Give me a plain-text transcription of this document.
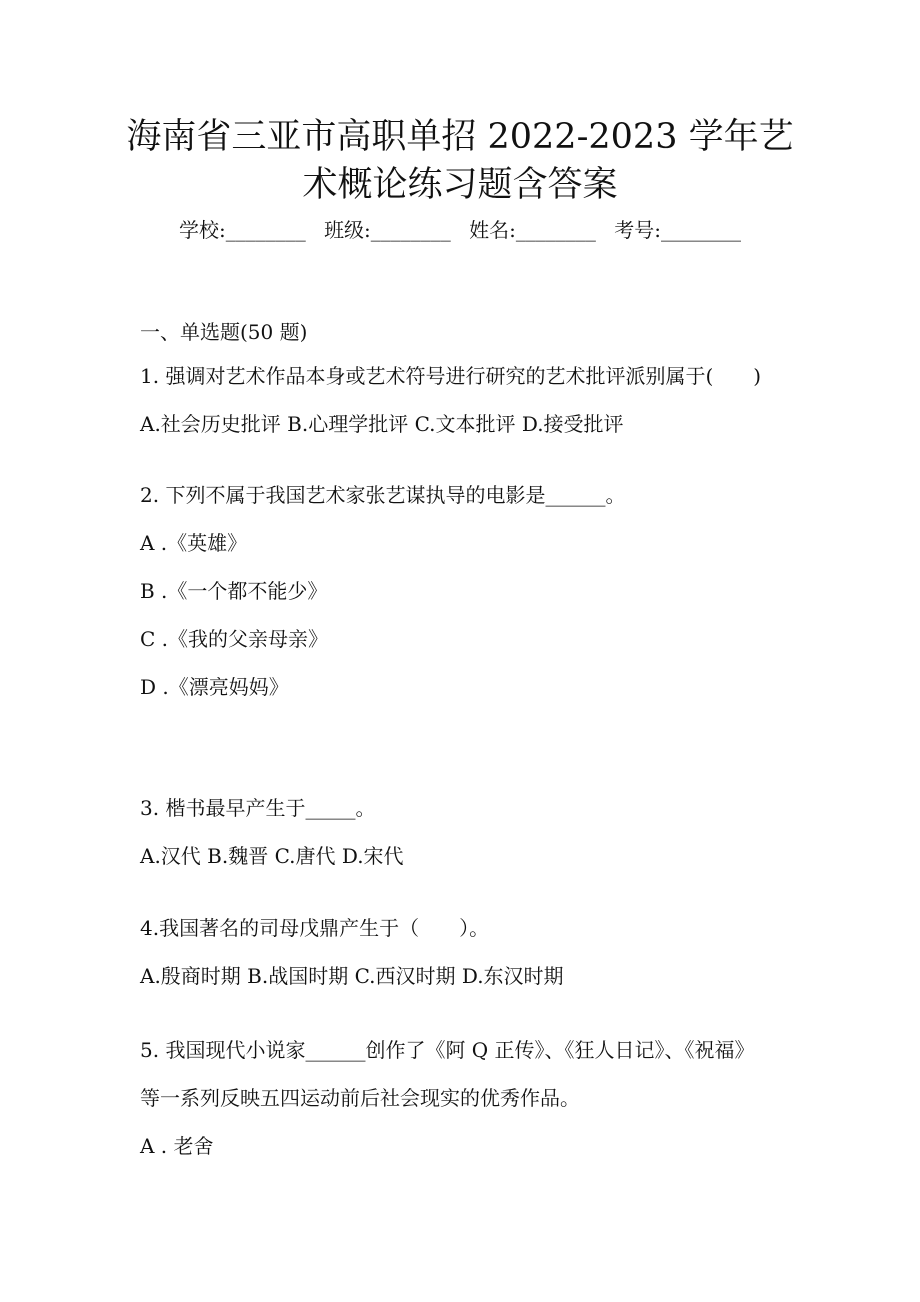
海南省三亚市高职单招 2022-2023 学年艺
术概论练习题含答案
学校:________ 班级:________ 姓名:________ 考号:________
一、单选题(50 题)
1. 强调对艺术作品本身或艺术符号进行研究的艺术批评派别属于(　　)
A.社会历史批评 B.心理学批评 C.文本批评 D.接受批评
2. 下列不属于我国艺术家张艺谋执导的电影是______。
A .《英雄》
B .《一个都不能少》
C .《我的父亲母亲》
D .《漂亮妈妈》
3. 楷书最早产生于_____。
A.汉代 B.魏晋 C.唐代 D.宋代
4.我国著名的司母戊鼎产生于（　　）。
A.殷商时期 B.战国时期 C.西汉时期 D.东汉时期
5. 我国现代小说家______创作了《阿 Q 正传》、《狂人日记》、《祝福》
等一系列反映五四运动前后社会现实的优秀作品。
A . 老舍
